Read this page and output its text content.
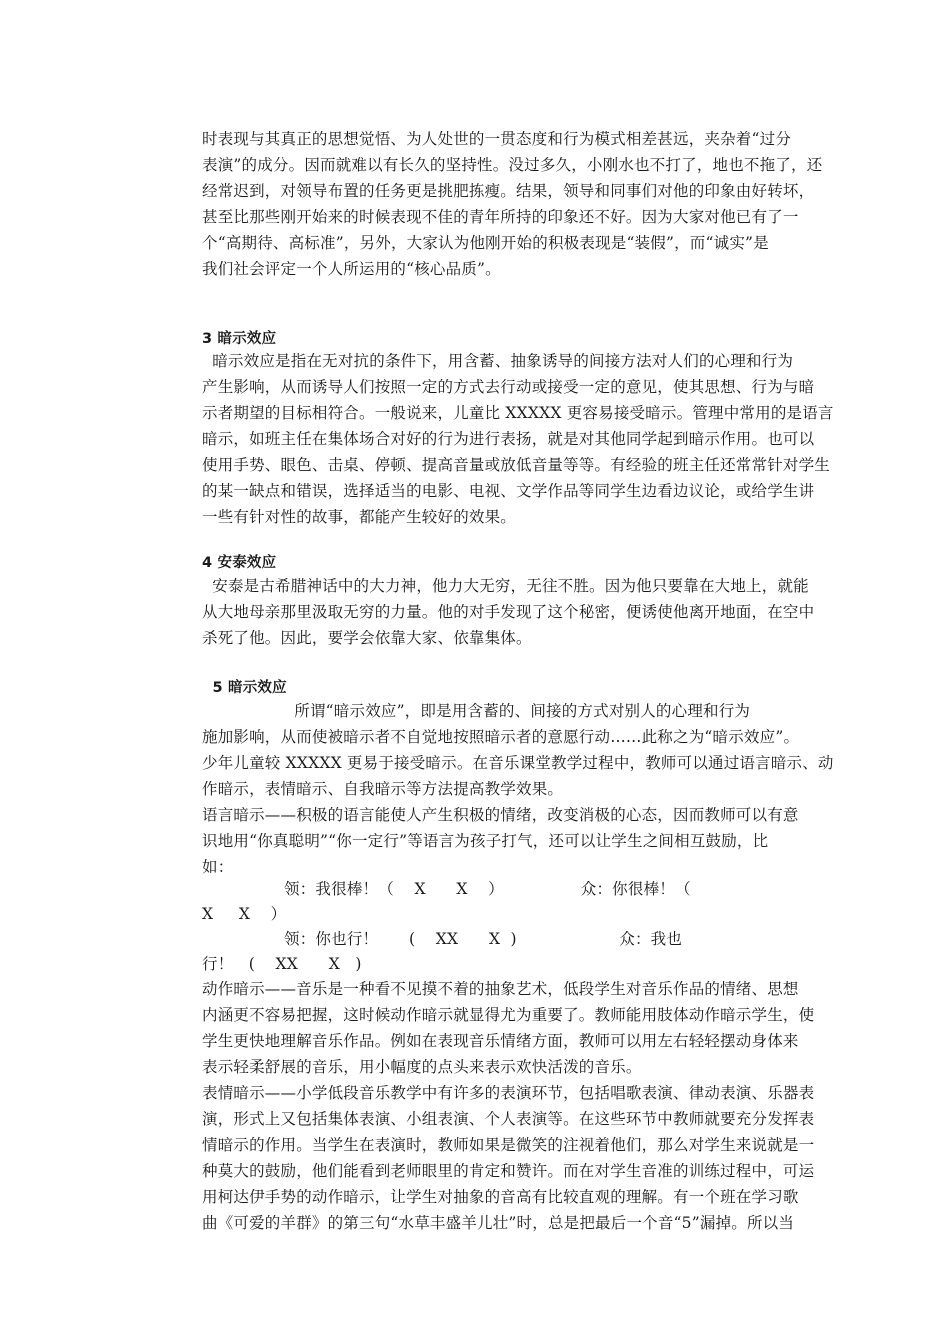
时表现与其真正的思想觉悟、为人处世的一贯态度和行为模式相差甚远，夹杂着“过分
表演”的成分。因而就难以有长久的坚持性。没过多久，小刚水也不打了，地也不拖了，还
经常迟到，对领导布置的任务更是挑肥拣瘦。结果，领导和同事们对他的印象由好转坏，
甚至比那些刚开始来的时候表现不佳的青年所持的印象还不好。因为大家对他已有了一
个“高期待、高标准”，另外，大家认为他刚开始的积极表现是“装假”，而“诚实”是
我们社会评定一个人所运用的“核心品质”。
3 暗示效应
暗示效应是指在无对抗的条件下，用含蓄、抽象诱导的间接方法对人们的心理和行为
产生影响，从而诱导人们按照一定的方式去行动或接受一定的意见，使其思想、行为与暗
示者期望的目标相符合。一般说来，儿童比 XXXXX 更容易接受暗示。管理中常用的是语言
暗示，如班主任在集体场合对好的行为进行表扬，就是对其他同学起到暗示作用。也可以
使用手势、眼色、击桌、停顿、提高音量或放低音量等等。有经验的班主任还常常针对学生
的某一缺点和错误，选择适当的电影、电视、文学作品等同学生边看边议论，或给学生讲
一些有针对性的故事，都能产生较好的效果。
4 安泰效应
安泰是古希腊神话中的大力神，他力大无穷，无往不胜。因为他只要靠在大地上，就能
从大地母亲那里汲取无穷的力量。他的对手发现了这个秘密，便诱使他离开地面，在空中
杀死了他。因此，要学会依靠大家、依靠集体。
5 暗示效应
所谓“暗示效应”，即是用含蓄的、间接的方式对别人的心理和行为
施加影响，从而使被暗示者不自觉地按照暗示者的意愿行动……此称之为“暗示效应”。
少年儿童较 XXXXX 更易于接受暗示。在音乐课堂教学过程中，教师可以通过语言暗示、动
作暗示，表情暗示、自我暗示等方法提高教学效果。
语言暗示——积极的语言能使人产生积极的情绪，改变消极的心态，因而教师可以有意
识地用“你真聪明”“你一定行”等语言为孩子打气，还可以让学生之间相互鼓励，比
如：
领：我很棒！（    X      X    ）               众：你很棒！（
X     X    ）
领：你也行！      (    XX      X  )                    众：我也
行！   (    XX      X   )
动作暗示——音乐是一种看不见摸不着的抽象艺术，低段学生对音乐作品的情绪、思想
内涵更不容易把握，这时候动作暗示就显得尤为重要了。教师能用肢体动作暗示学生，使
学生更快地理解音乐作品。例如在表现音乐情绪方面，教师可以用左右轻轻摆动身体来
表示轻柔舒展的音乐，用小幅度的点头来表示欢快活泼的音乐。
表情暗示——小学低段音乐教学中有许多的表演环节，包括唱歌表演、律动表演、乐器表
演，形式上又包括集体表演、小组表演、个人表演等。在这些环节中教师就要充分发挥表
情暗示的作用。当学生在表演时，教师如果是微笑的注视着他们，那么对学生来说就是一
种莫大的鼓励，他们能看到老师眼里的肯定和赞许。而在对学生音准的训练过程中，可运
用柯达伊手势的动作暗示，让学生对抽象的音高有比较直观的理解。有一个班在学习歌
曲《可爱的羊群》的第三句“水草丰盛羊儿壮”时，总是把最后一个音“5”漏掉。所以当
